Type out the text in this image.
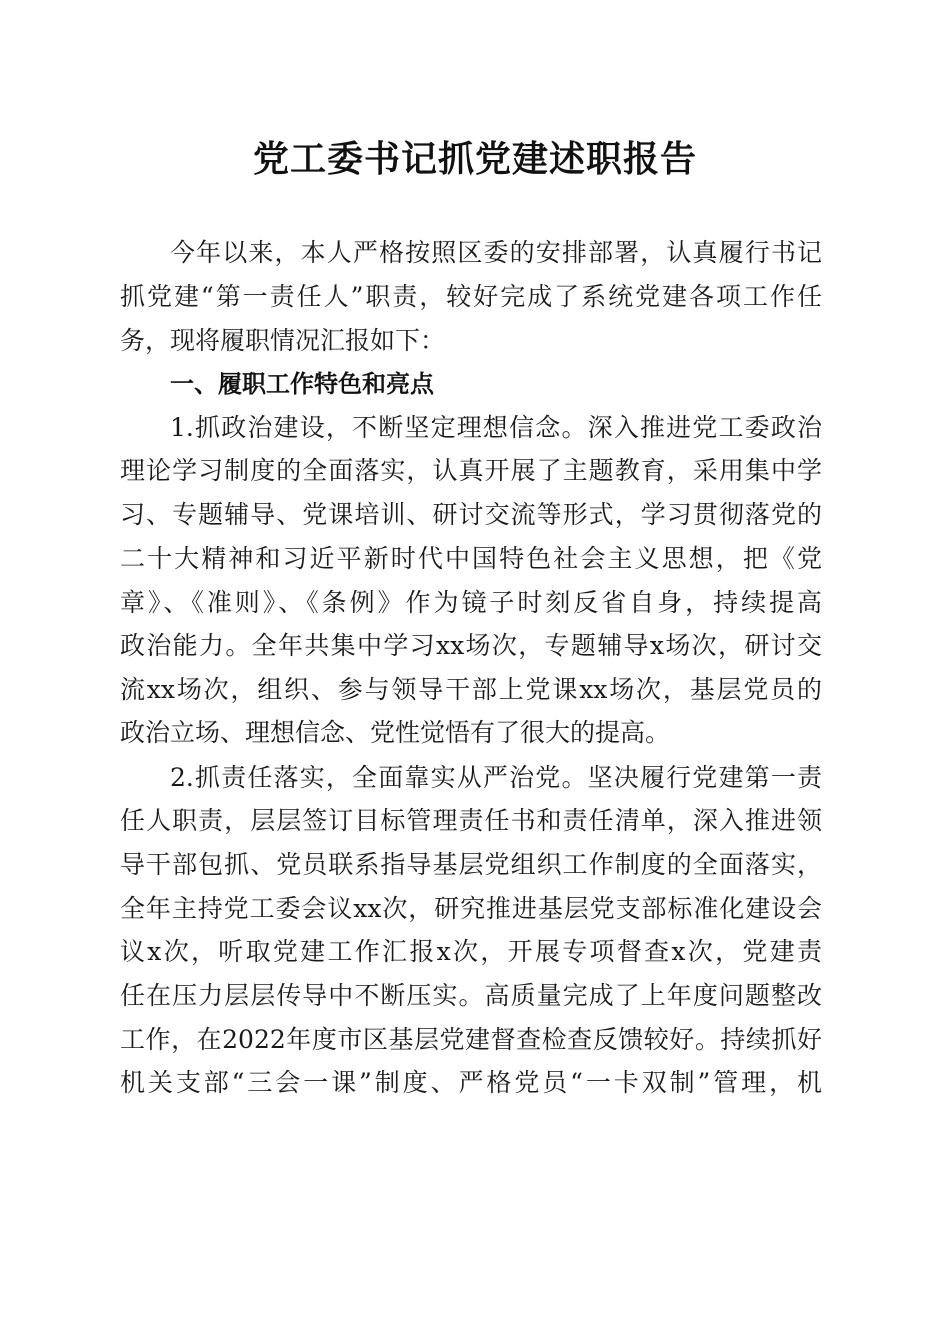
党工委书记抓党建述职报告
今年以来，本人严格按照区委的安排部署，认真履行书记
抓党建“第一责任人”职责，较好完成了系统党建各项工作任
务，现将履职情况汇报如下：
一、履职工作特色和亮点
1.抓政治建设，不断坚定理想信念。深入推进党工委政治
理论学习制度的全面落实，认真开展了主题教育，采用集中学
习、专题辅导、党课培训、研讨交流等形式，学习贯彻落党的
二十大精神和习近平新时代中国特色社会主义思想，把《党
章》、《准则》、《条例》作为镜子时刻反省自身，持续提高
政治能力。全年共集中学习xx场次，专题辅导x场次，研讨交
流xx场次，组织、参与领导干部上党课xx场次，基层党员的
政治立场、理想信念、党性觉悟有了很大的提高。
2.抓责任落实，全面靠实从严治党。坚决履行党建第一责
任人职责，层层签订目标管理责任书和责任清单，深入推进领
导干部包抓、党员联系指导基层党组织工作制度的全面落实，
全年主持党工委会议xx次，研究推进基层党支部标准化建设会
议x次，听取党建工作汇报x次，开展专项督查x次，党建责
任在压力层层传导中不断压实。高质量完成了上年度问题整改
工作，在2022年度市区基层党建督查检查反馈较好。持续抓好
机关支部“三会一课”制度、严格党员“一卡双制”管理，机
